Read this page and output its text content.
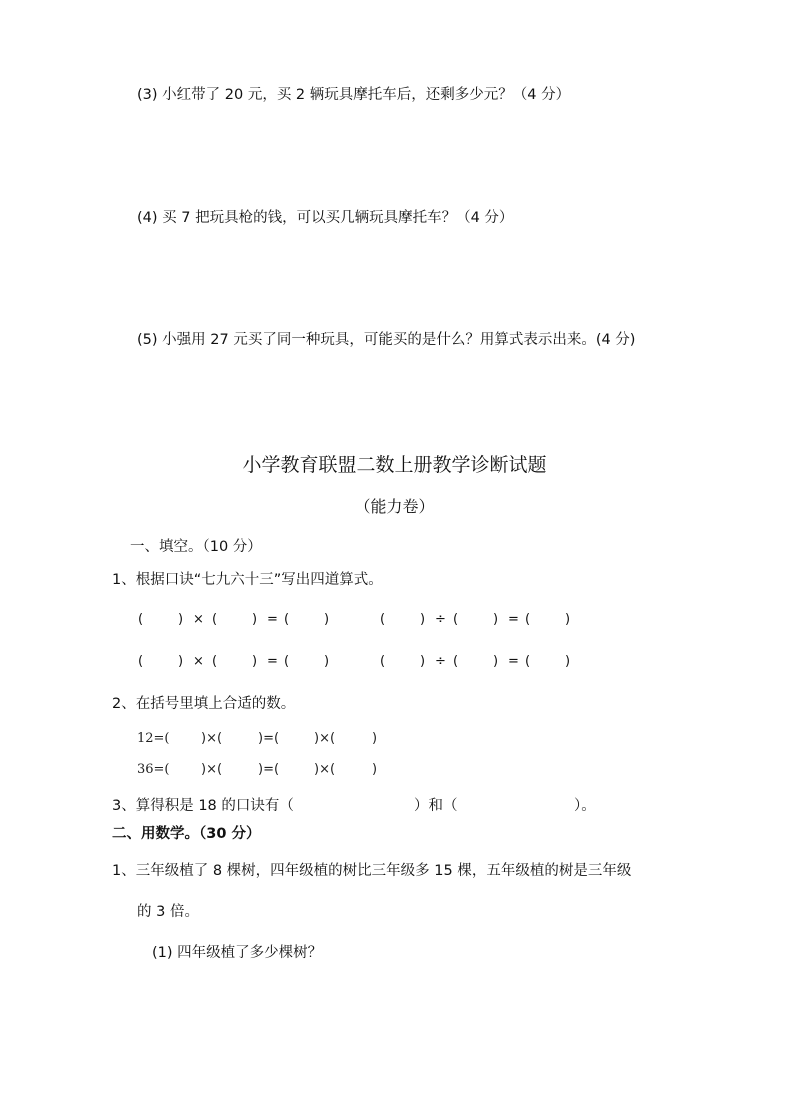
(3) 小红带了 20 元，买 2 辆玩具摩托车后，还剩多少元？（4 分）
(4) 买 7 把玩具枪的钱，可以买几辆玩具摩托车？（4 分）
(5) 小强用 27 元买了同一种玩具，可能买的是什么？用算式表示出来。(4 分)
小学教育联盟二数上册教学诊断试题
（能力卷）
一、填空。（10 分）
1、根据口诀“七九六十三”写出四道算式。
(	) × (	) = (	)	(	) ÷ (	) = (	)
(	) × (	) = (	)	(	) ÷ (	) = (	)
2、在括号里填上合适的数。
12=( )×(	)=(	)×(	)
36=( )×(	)=(	)×(	)
3、算得积是 18 的口诀有（	）和（	）。
二、用数学。（30 分）
1、三年级植了 8 棵树，四年级植的树比三年级多 15 棵，五年级植的树是三年级
的 3 倍。
(1) 四年级植了多少棵树？
